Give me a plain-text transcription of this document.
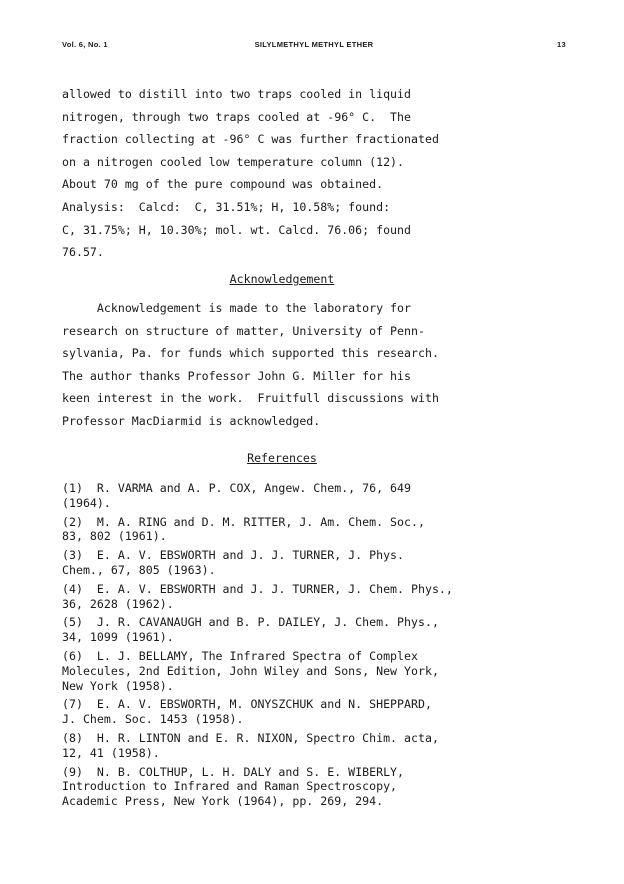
Vol. 6, No. 1	SILYLMETHYL METHYL ETHER	13
allowed to distill into two traps cooled in liquid
nitrogen, through two traps cooled at -96° C.  The
fraction collecting at -96° C was further fractionated
on a nitrogen cooled low temperature column (12).
About 70 mg of the pure compound was obtained.
Analysis:  Calcd:  C, 31.51%; H, 10.58%; found:
C, 31.75%; H, 10.30%; mol. wt. Calcd. 76.06; found
76.57.
Acknowledgement
Acknowledgement is made to the laboratory for
research on structure of matter, University of Penn-
sylvania, Pa. for funds which supported this research.
The author thanks Professor John G. Miller for his
keen interest in the work.  Fruitfull discussions with
Professor MacDiarmid is acknowledged.
References
(1)  R. VARMA and A. P. COX, Angew. Chem., 76, 649
(1964).
(2)  M. A. RING and D. M. RITTER, J. Am. Chem. Soc.,
83, 802 (1961).
(3)  E. A. V. EBSWORTH and J. J. TURNER, J. Phys.
Chem., 67, 805 (1963).
(4)  E. A. V. EBSWORTH and J. J. TURNER, J. Chem. Phys.,
36, 2628 (1962).
(5)  J. R. CAVANAUGH and B. P. DAILEY, J. Chem. Phys.,
34, 1099 (1961).
(6)  L. J. BELLAMY, The Infrared Spectra of Complex
Molecules, 2nd Edition, John Wiley and Sons, New York,
New York (1958).
(7)  E. A. V. EBSWORTH, M. ONYSZCHUK and N. SHEPPARD,
J. Chem. Soc. 1453 (1958).
(8)  H. R. LINTON and E. R. NIXON, Spectro Chim. acta,
12, 41 (1958).
(9)  N. B. COLTHUP, L. H. DALY and S. E. WIBERLY,
Introduction to Infrared and Raman Spectroscopy,
Academic Press, New York (1964), pp. 269, 294.
